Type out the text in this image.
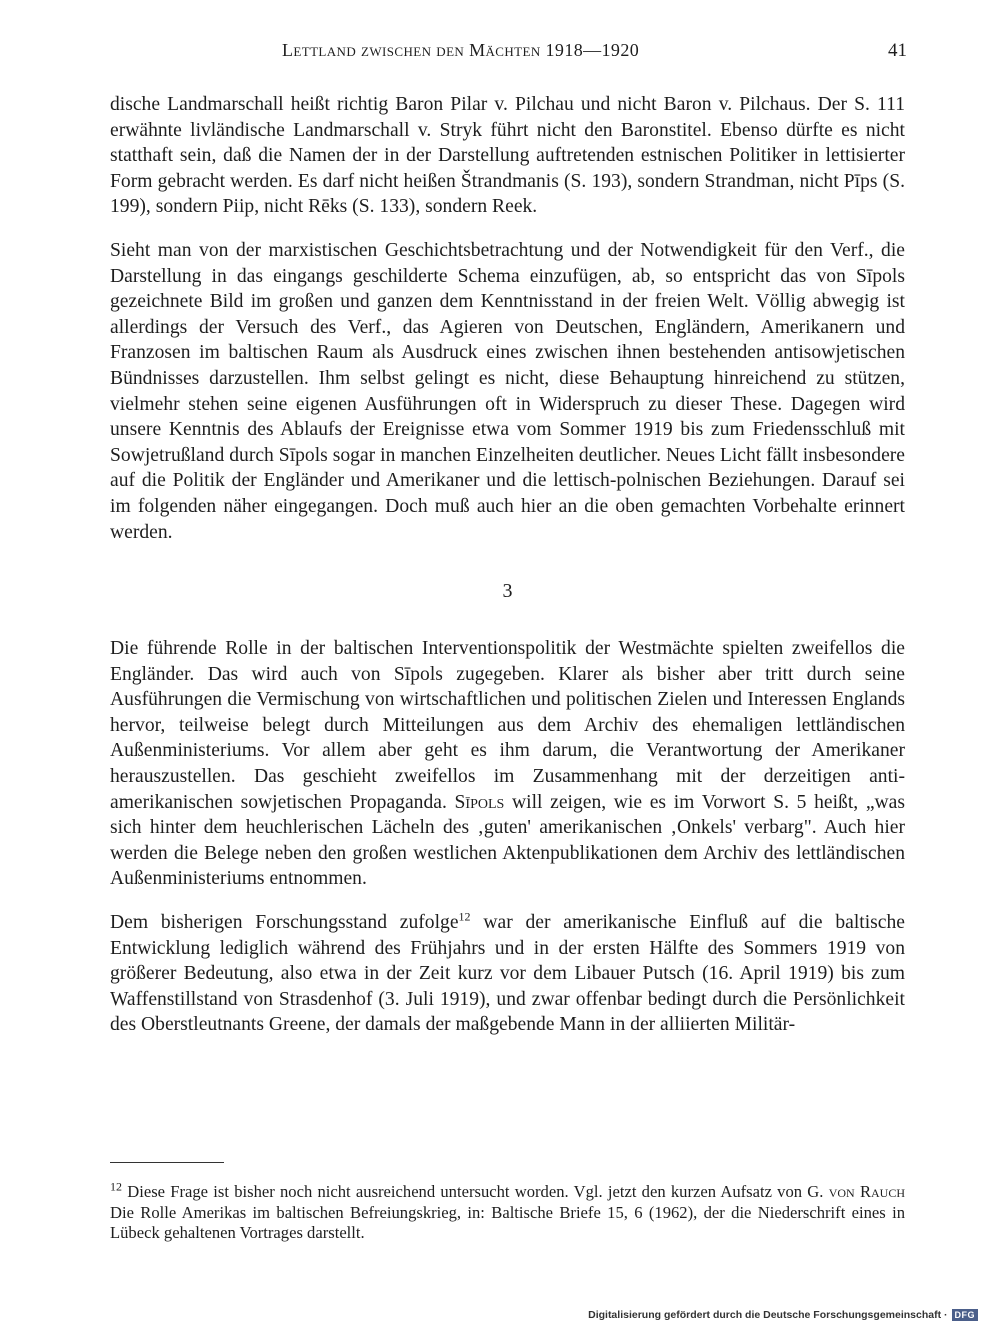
Lettland zwischen den Mächten 1918—1920	41

dische Landmarschall heißt richtig Baron Pilar v. Pilchau und nicht Baron v. Pilchaus. Der S. 111 erwähnte livländische Landmarschall v. Stryk führt nicht den Baronstitel. Ebenso dürfte es nicht statthaft sein, daß die Namen der in der Darstellung auftretenden estnischen Politiker in lettisierter Form gebracht werden. Es darf nicht heißen Štrandmanis (S. 193), sondern Strandman, nicht Pīps (S. 199), sondern Piip, nicht Rēks (S. 133), sondern Reek.

Sieht man von der marxistischen Geschichtsbetrachtung und der Notwendigkeit für den Verf., die Darstellung in das eingangs geschilderte Schema einzufügen, ab, so entspricht das von Sīpols gezeichnete Bild im großen und ganzen dem Kenntnisstand in der freien Welt. Völlig abwegig ist allerdings der Versuch des Verf., das Agieren von Deutschen, Engländern, Amerikanern und Franzosen im baltischen Raum als Ausdruck eines zwischen ihnen bestehenden antisowjetischen Bündnisses darzustellen. Ihm selbst gelingt es nicht, diese Behauptung hinreichend zu stützen, vielmehr stehen seine eigenen Ausführungen oft in Widerspruch zu dieser These. Dagegen wird unsere Kenntnis des Ablaufs der Ereignisse etwa vom Sommer 1919 bis zum Friedensschluß mit Sowjetrußland durch Sīpols sogar in manchen Einzelheiten deutlicher. Neues Licht fällt insbesondere auf die Politik der Engländer und Amerikaner und die lettisch-polnischen Beziehungen. Darauf sei im folgenden näher eingegangen. Doch muß auch hier an die oben gemachten Vorbehalte erinnert werden.

3

Die führende Rolle in der baltischen Interventionspolitik der Westmächte spielten zweifellos die Engländer. Das wird auch von Sīpols zugegeben. Klarer als bisher aber tritt durch seine Ausführungen die Vermischung von wirtschaftlichen und politischen Zielen und Interessen Englands hervor, teilweise belegt durch Mitteilungen aus dem Archiv des ehemaligen lettländischen Außenministeriums. Vor allem aber geht es ihm darum, die Verantwortung der Amerikaner herauszustellen. Das geschieht zweifellos im Zusammenhang mit der derzeitigen anti-amerikanischen sowjetischen Propaganda. Sīpols will zeigen, wie es im Vorwort S. 5 heißt, „was sich hinter dem heuchlerischen Lächeln des ‚guten' amerikanischen ‚Onkels' verbarg". Auch hier werden die Belege neben den großen westlichen Aktenpublikationen dem Archiv des lettländischen Außenministeriums entnommen.

Dem bisherigen Forschungsstand zufolge$^{12}$ war der amerikanische Einfluß auf die baltische Entwicklung lediglich während des Frühjahrs und in der ersten Hälfte des Sommers 1919 von größerer Bedeutung, also etwa in der Zeit kurz vor dem Libauer Putsch (16. April 1919) bis zum Waffenstillstand von Strasdenhof (3. Juli 1919), und zwar offenbar bedingt durch die Persönlichkeit des Oberstleutnants Greene, der damals der maßgebende Mann in der alliierten Militär-

$^{12}$ Diese Frage ist bisher noch nicht ausreichend untersucht worden. Vgl. jetzt den kurzen Aufsatz von G. von Rauch Die Rolle Amerikas im baltischen Befreiungskrieg, in: Baltische Briefe 15, 6 (1962), der die Niederschrift eines in Lübeck gehaltenen Vortrages darstellt.

Digitalisierung gefördert durch die Deutsche Forschungsgemeinschaft · DFG
